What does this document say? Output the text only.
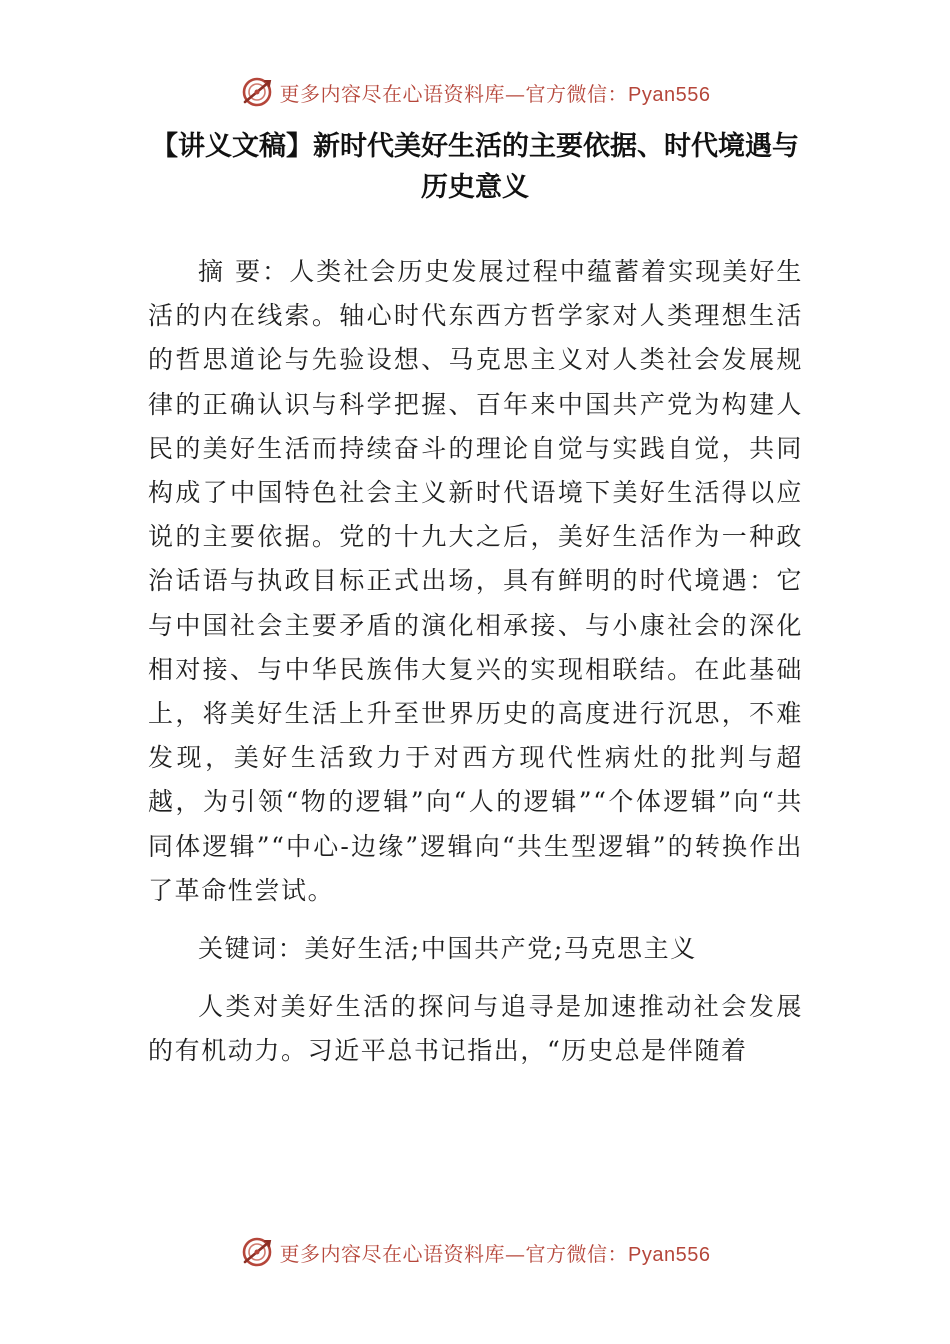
更多内容尽在心语资料库—官方微信：Pyan556
【讲义文稿】新时代美好生活的主要依据、时代境遇与
历史意义

摘 要：人类社会历史发展过程中蕴蓄着实现美好生活的内在线索。轴心时代东西方哲学家对人类理想生活的哲思道论与先验设想、马克思主义对人类社会发展规律的正确认识与科学把握、百年来中国共产党为构建人民的美好生活而持续奋斗的理论自觉与实践自觉，共同构成了中国特色社会主义新时代语境下美好生活得以应说的主要依据。党的十九大之后，美好生活作为一种政治话语与执政目标正式出场，具有鲜明的时代境遇：它与中国社会主要矛盾的演化相承接、与小康社会的深化相对接、与中华民族伟大复兴的实现相联结。在此基础上，将美好生活上升至世界历史的高度进行沉思，不难发现，美好生活致力于对西方现代性病灶的批判与超越，为引领“物的逻辑”向“人的逻辑”“个体逻辑”向“共同体逻辑”“中心-边缘”逻辑向“共生型逻辑”的转换作出了革命性尝试。

关键词：美好生活;中国共产党;马克思主义

人类对美好生活的探问与追寻是加速推动社会发展的有机动力。习近平总书记指出，“历史总是伴随着

更多内容尽在心语资料库—官方微信：Pyan556
